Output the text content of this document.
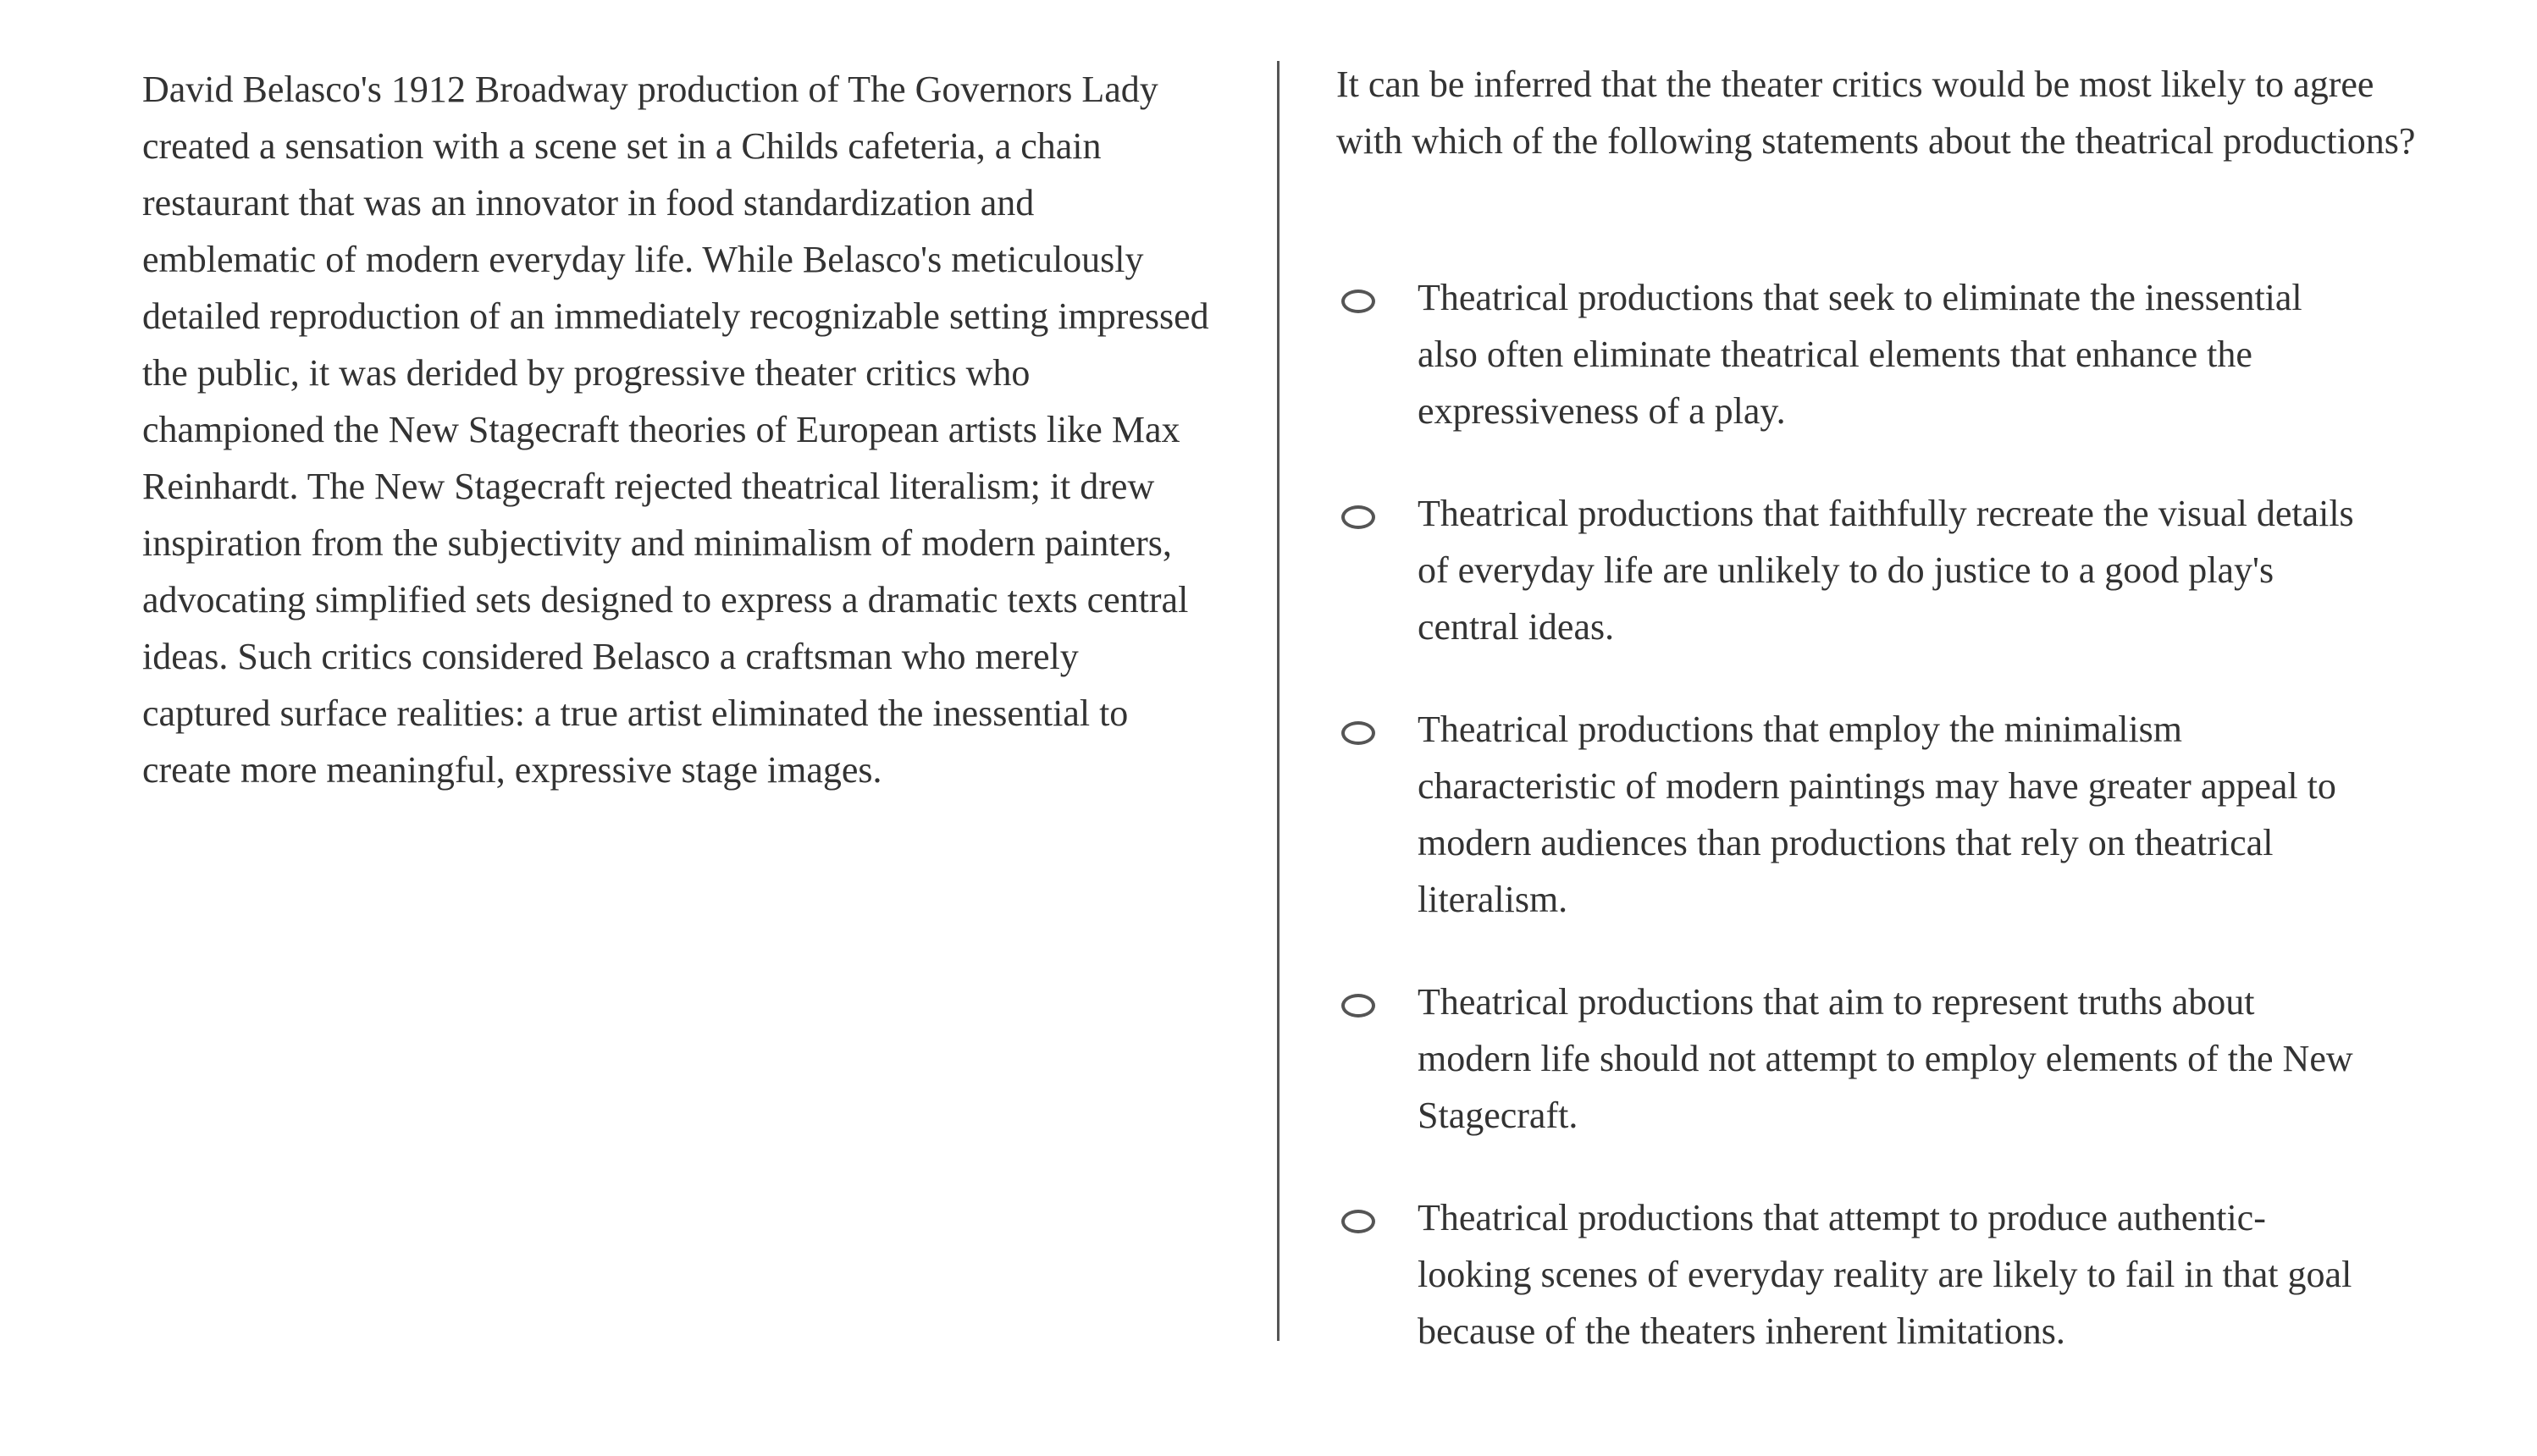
David Belasco's 1912 Broadway production of The Governors Lady created a sensation with a scene set in a Childs cafeteria, a chain restaurant that was an innovator in food standardization and emblematic of modern everyday life. While Belasco's meticulously detailed reproduction of an immediately recognizable setting impressed the public, it was derided by progressive theater critics who championed the New Stagecraft theories of European artists like Max Reinhardt. The New Stagecraft rejected theatrical literalism; it drew inspiration from the subjectivity and minimalism of modern painters, advocating simplified sets designed to express a dramatic texts central ideas. Such critics considered Belasco a craftsman who merely captured surface realities: a true artist eliminated the inessential to create more meaningful, expressive stage images.

It can be inferred that the theater critics would be most likely to agree with which of the following statements about the theatrical productions?

Theatrical productions that seek to eliminate the inessential also often eliminate theatrical elements that enhance the expressiveness of a play.
Theatrical productions that faithfully recreate the visual details of everyday life are unlikely to do justice to a good play's central ideas.
Theatrical productions that employ the minimalism characteristic of modern paintings may have greater appeal to modern audiences than productions that rely on theatrical literalism.
Theatrical productions that aim to represent truths about modern life should not attempt to employ elements of the New Stagecraft.
Theatrical productions that attempt to produce authentic-looking scenes of everyday reality are likely to fail in that goal because of the theaters inherent limitations.
